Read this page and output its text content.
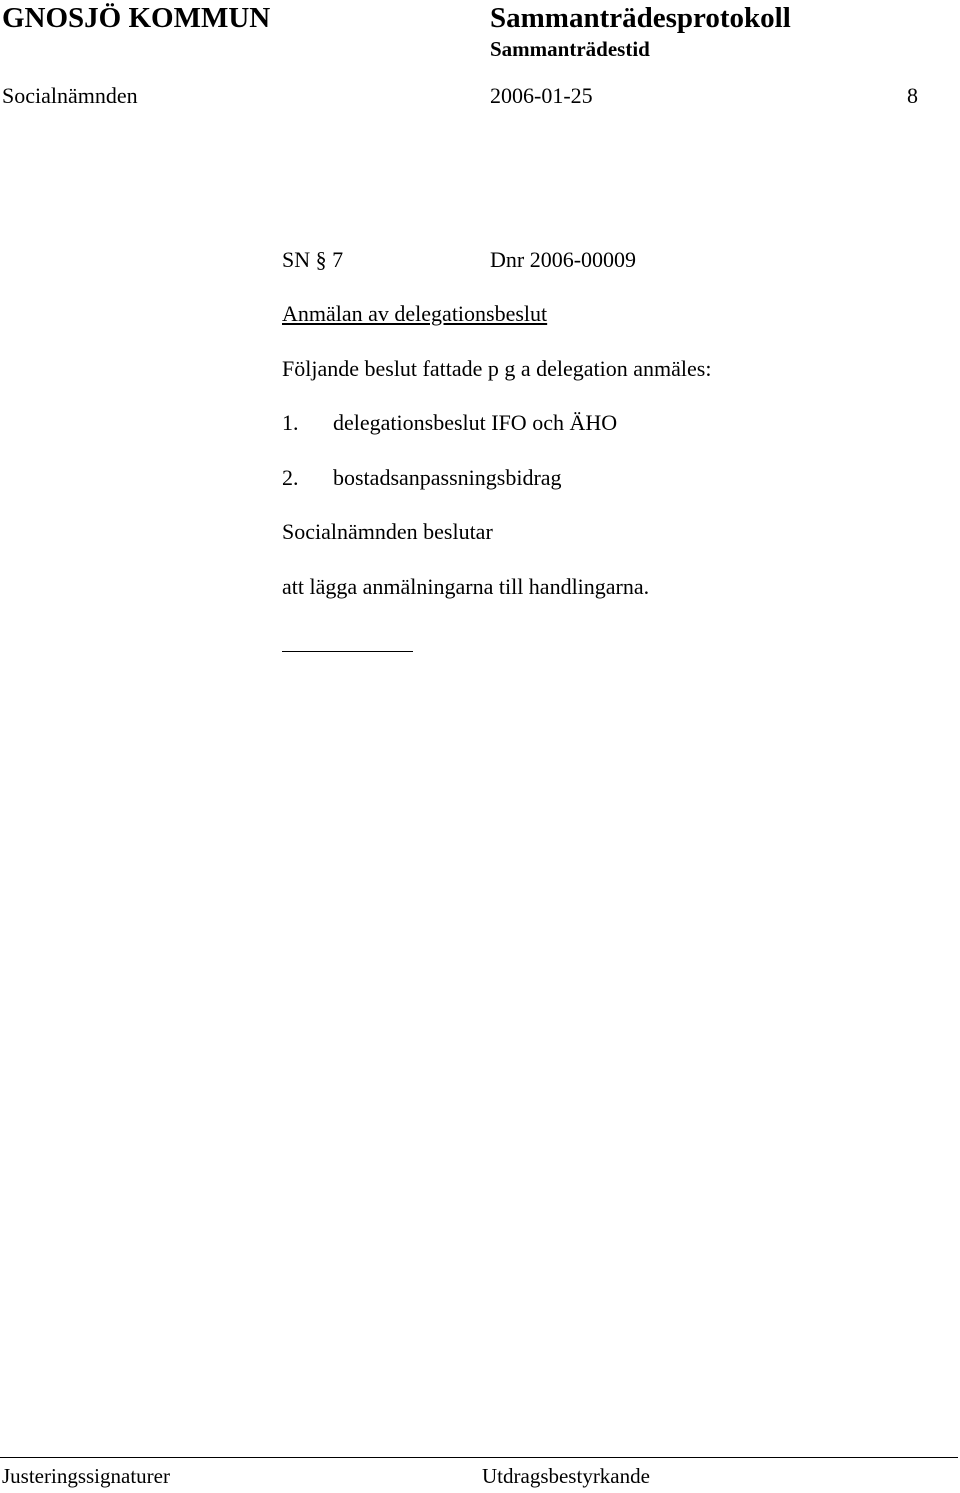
GNOSJÖ KOMMUN	Sammanträdesprotokoll
Sammanträdestid
Socialnämnden	2006-01-25	8
SN § 7	Dnr 2006-00009
Anmälan av delegationsbeslut
Följande beslut fattade p g a delegation anmäles:
1. delegationsbeslut IFO och ÄHO
2. bostadsanpassningsbidrag
Socialnämnden beslutar
att lägga anmälningarna till handlingarna.
Justeringssignaturer	Utdragsbestyrkande
